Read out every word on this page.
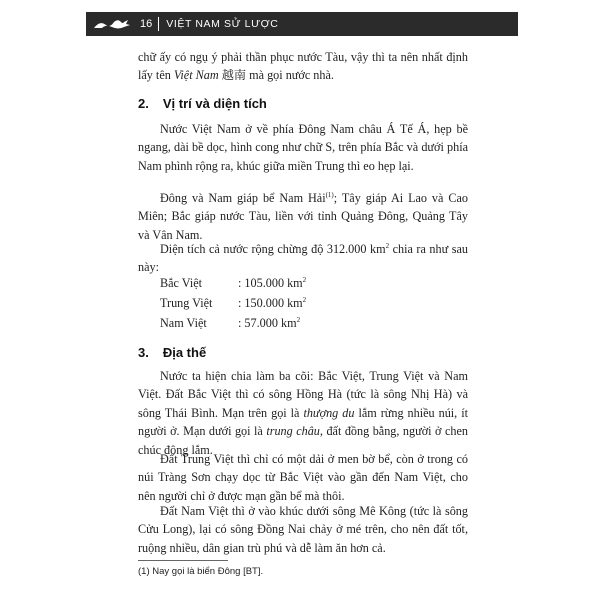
16	VIỆT NAM SỬ LƯỢC

chữ ấy có ngụ ý phải thần phục nước Tàu, vậy thì ta nên nhất định lấy tên Việt Nam 越南 mà gọi nước nhà.

2. Vị trí và diện tích

Nước Việt Nam ở về phía Đông Nam châu Á Tế Á, hẹp bề ngang, dài bề dọc, hình cong như chữ S, trên phía Bắc và dưới phía Nam phình rộng ra, khúc giữa miền Trung thì eo hẹp lại.

Đông và Nam giáp bể Nam Hải$^{(1)}$; Tây giáp Ai Lao và Cao Miên; Bắc giáp nước Tàu, liền với tỉnh Quảng Đông, Quảng Tây và Vân Nam.

Diện tích cả nước rộng chừng độ 312.000 $km^2$ chia ra như sau này:

Bắc Việt	: 105.000 $km^2$
Trung Việt	: 150.000 $km^2$
Nam Việt	: 57.000 $km^2$
3. Địa thế

Nước ta hiện chia làm ba cõi: Bắc Việt, Trung Việt và Nam Việt. Đất Bắc Việt thì có sông Hồng Hà (tức là sông Nhị Hà) và sông Thái Bình. Mạn trên gọi là thượng du lắm rừng nhiều núi, ít người ở. Mạn dưới gọi là trung châu, đất đồng bằng, người ở chen chúc đông lắm.

Đất Trung Việt thì chỉ có một dải ở men bờ bể, còn ở trong có núi Tràng Sơn chạy dọc từ Bắc Việt vào gần đến Nam Việt, cho nên người chỉ ở được mạn gần bể mà thôi.

Đất Nam Việt thì ở vào khúc dưới sông Mê Kông (tức là sông Cửu Long), lại có sông Đồng Nai chảy ở mé trên, cho nên đất tốt, ruộng nhiều, dân gian trù phú và dễ làm ăn hơn cả.

(1) Nay gọi là biển Đông [BT].
